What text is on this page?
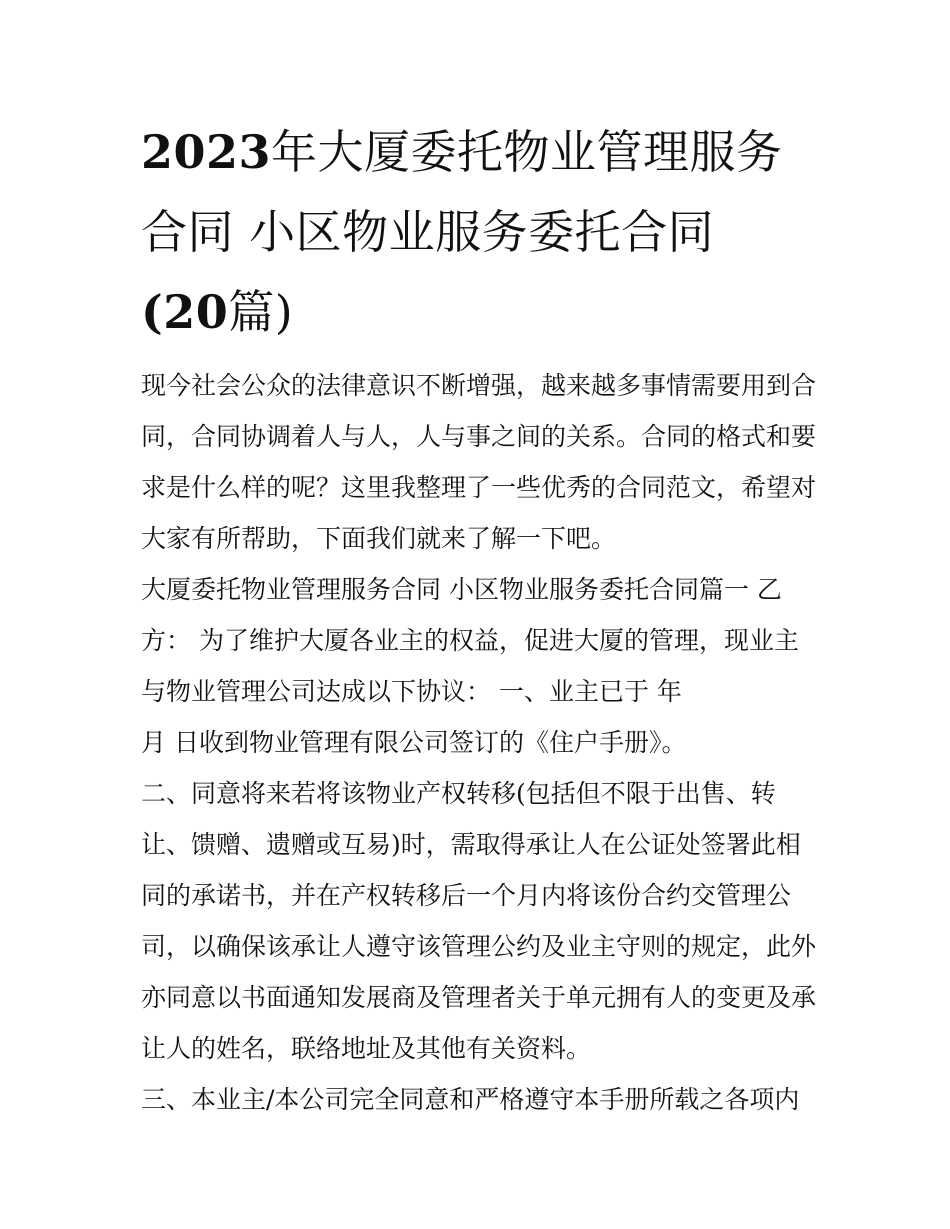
2023年大厦委托物业管理服务
合同 小区物业服务委托合同
(20篇)
现今社会公众的法律意识不断增强，越来越多事情需要用到合
同，合同协调着人与人，人与事之间的关系。合同的格式和要
求是什么样的呢？这里我整理了一些优秀的合同范文，希望对
大家有所帮助，下面我们就来了解一下吧。
大厦委托物业管理服务合同 小区物业服务委托合同篇一 乙
方： 为了维护大厦各业主的权益，促进大厦的管理，现业主
与物业管理公司达成以下协议： 一、业主已于 年
月 日收到物业管理有限公司签订的《住户手册》。
二、同意将来若将该物业产权转移(包括但不限于出售、转
让、馈赠、遗赠或互易)时，需取得承让人在公证处签署此相
同的承诺书，并在产权转移后一个月内将该份合约交管理公
司，以确保该承让人遵守该管理公约及业主守则的规定，此外
亦同意以书面通知发展商及管理者关于单元拥有人的变更及承
让人的姓名，联络地址及其他有关资料。
三、本业主/本公司完全同意和严格遵守本手册所载之各项内
